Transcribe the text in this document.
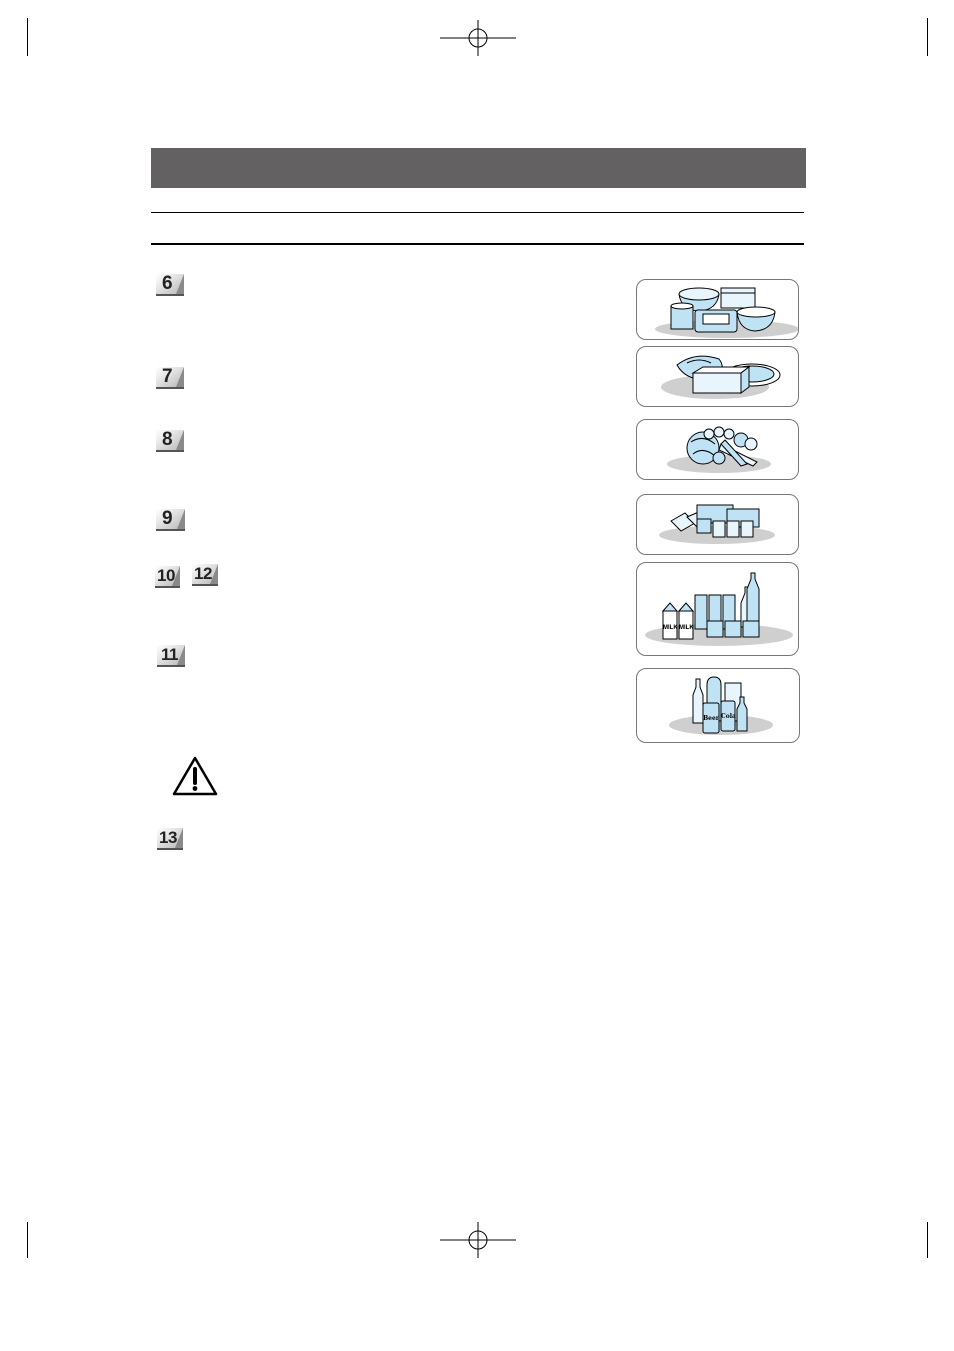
6
7
8
9
10 12
11
13
MILK MILK
Beer Cola
